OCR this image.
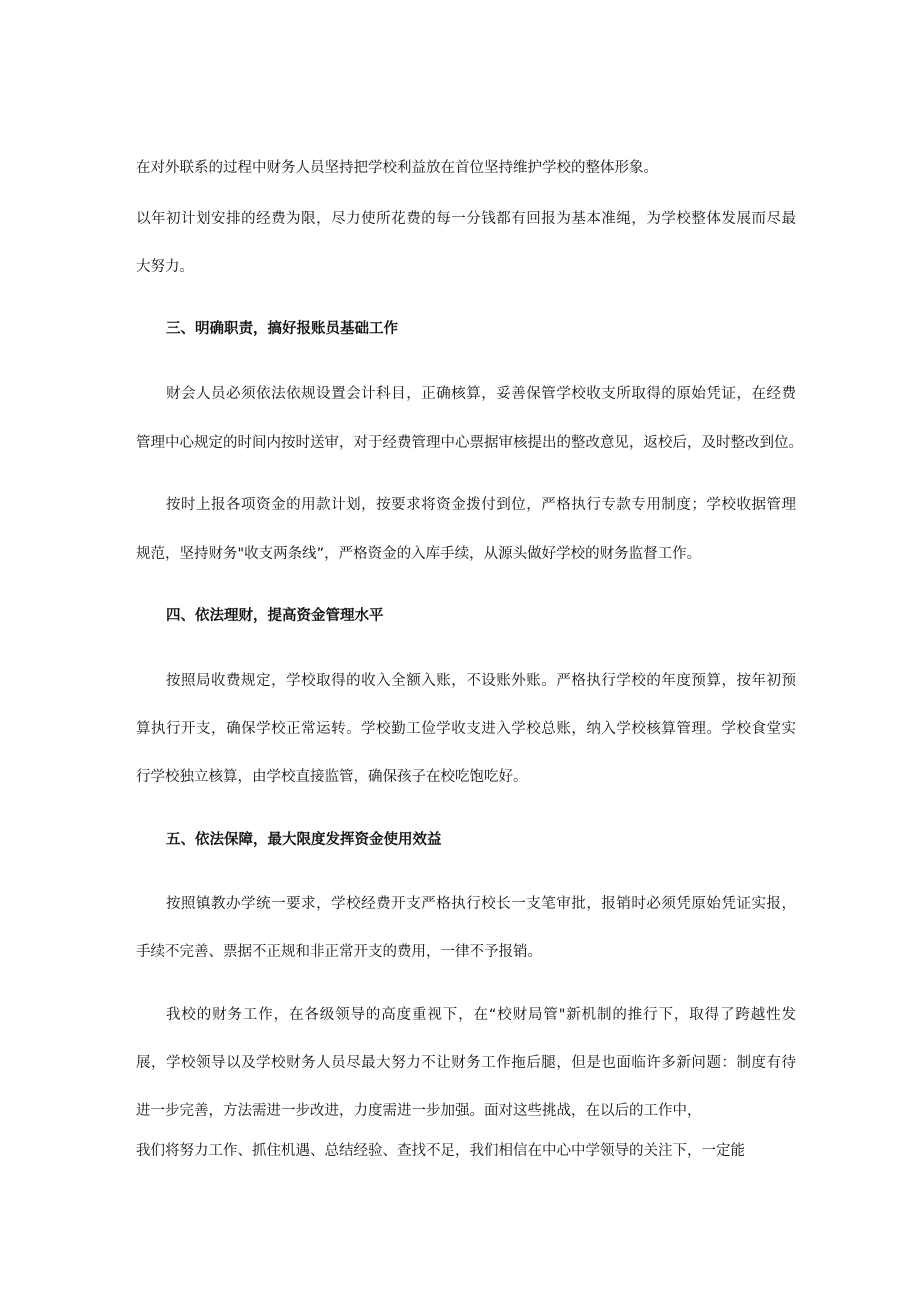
在对外联系的过程中财务人员坚持把学校利益放在首位坚持维护学校的整体形象。

以年初计划安排的经费为限，尽力使所花费的每一分钱都有回报为基本准绳，为学校整体发展而尽最

大努力。

三、明确职责，搞好报账员基础工作

财会人员必须依法依规设置会计科目，正确核算，妥善保管学校收支所取得的原始凭证，在经费

管理中心规定的时间内按时送审，对于经费管理中心票据审核提出的整改意见，返校后，及时整改到位。

按时上报各项资金的用款计划，按要求将资金拨付到位，严格执行专款专用制度；学校收据管理

规范，坚持财务"收支两条线”，严格资金的入库手续，从源头做好学校的财务监督工作。

四、依法理财，提高资金管理水平

按照局收费规定，学校取得的收入全额入账，不设账外账。严格执行学校的年度预算，按年初预

算执行开支，确保学校正常运转。学校勤工俭学收支进入学校总账，纳入学校核算管理。学校食堂实

行学校独立核算，由学校直接监管，确保孩子在校吃饱吃好。

五、依法保障，最大限度发挥资金使用效益

按照镇教办学统一要求，学校经费开支严格执行校长一支笔审批，报销时必须凭原始凭证实报，

手续不完善、票据不正规和非正常开支的费用，一律不予报销。

我校的财务工作，在各级领导的高度重视下，在“校财局管"新机制的推行下，取得了跨越性发

展，学校领导以及学校财务人员尽最大努力不让财务工作拖后腿，但是也面临许多新问题：制度有待

进一步完善，方法需进一步改进，力度需进一步加强。面对这些挑战，在以后的工作中，

我们将努力工作、抓住机遇、总结经验、查找不足，我们相信在中心中学领导的关注下，一定能
